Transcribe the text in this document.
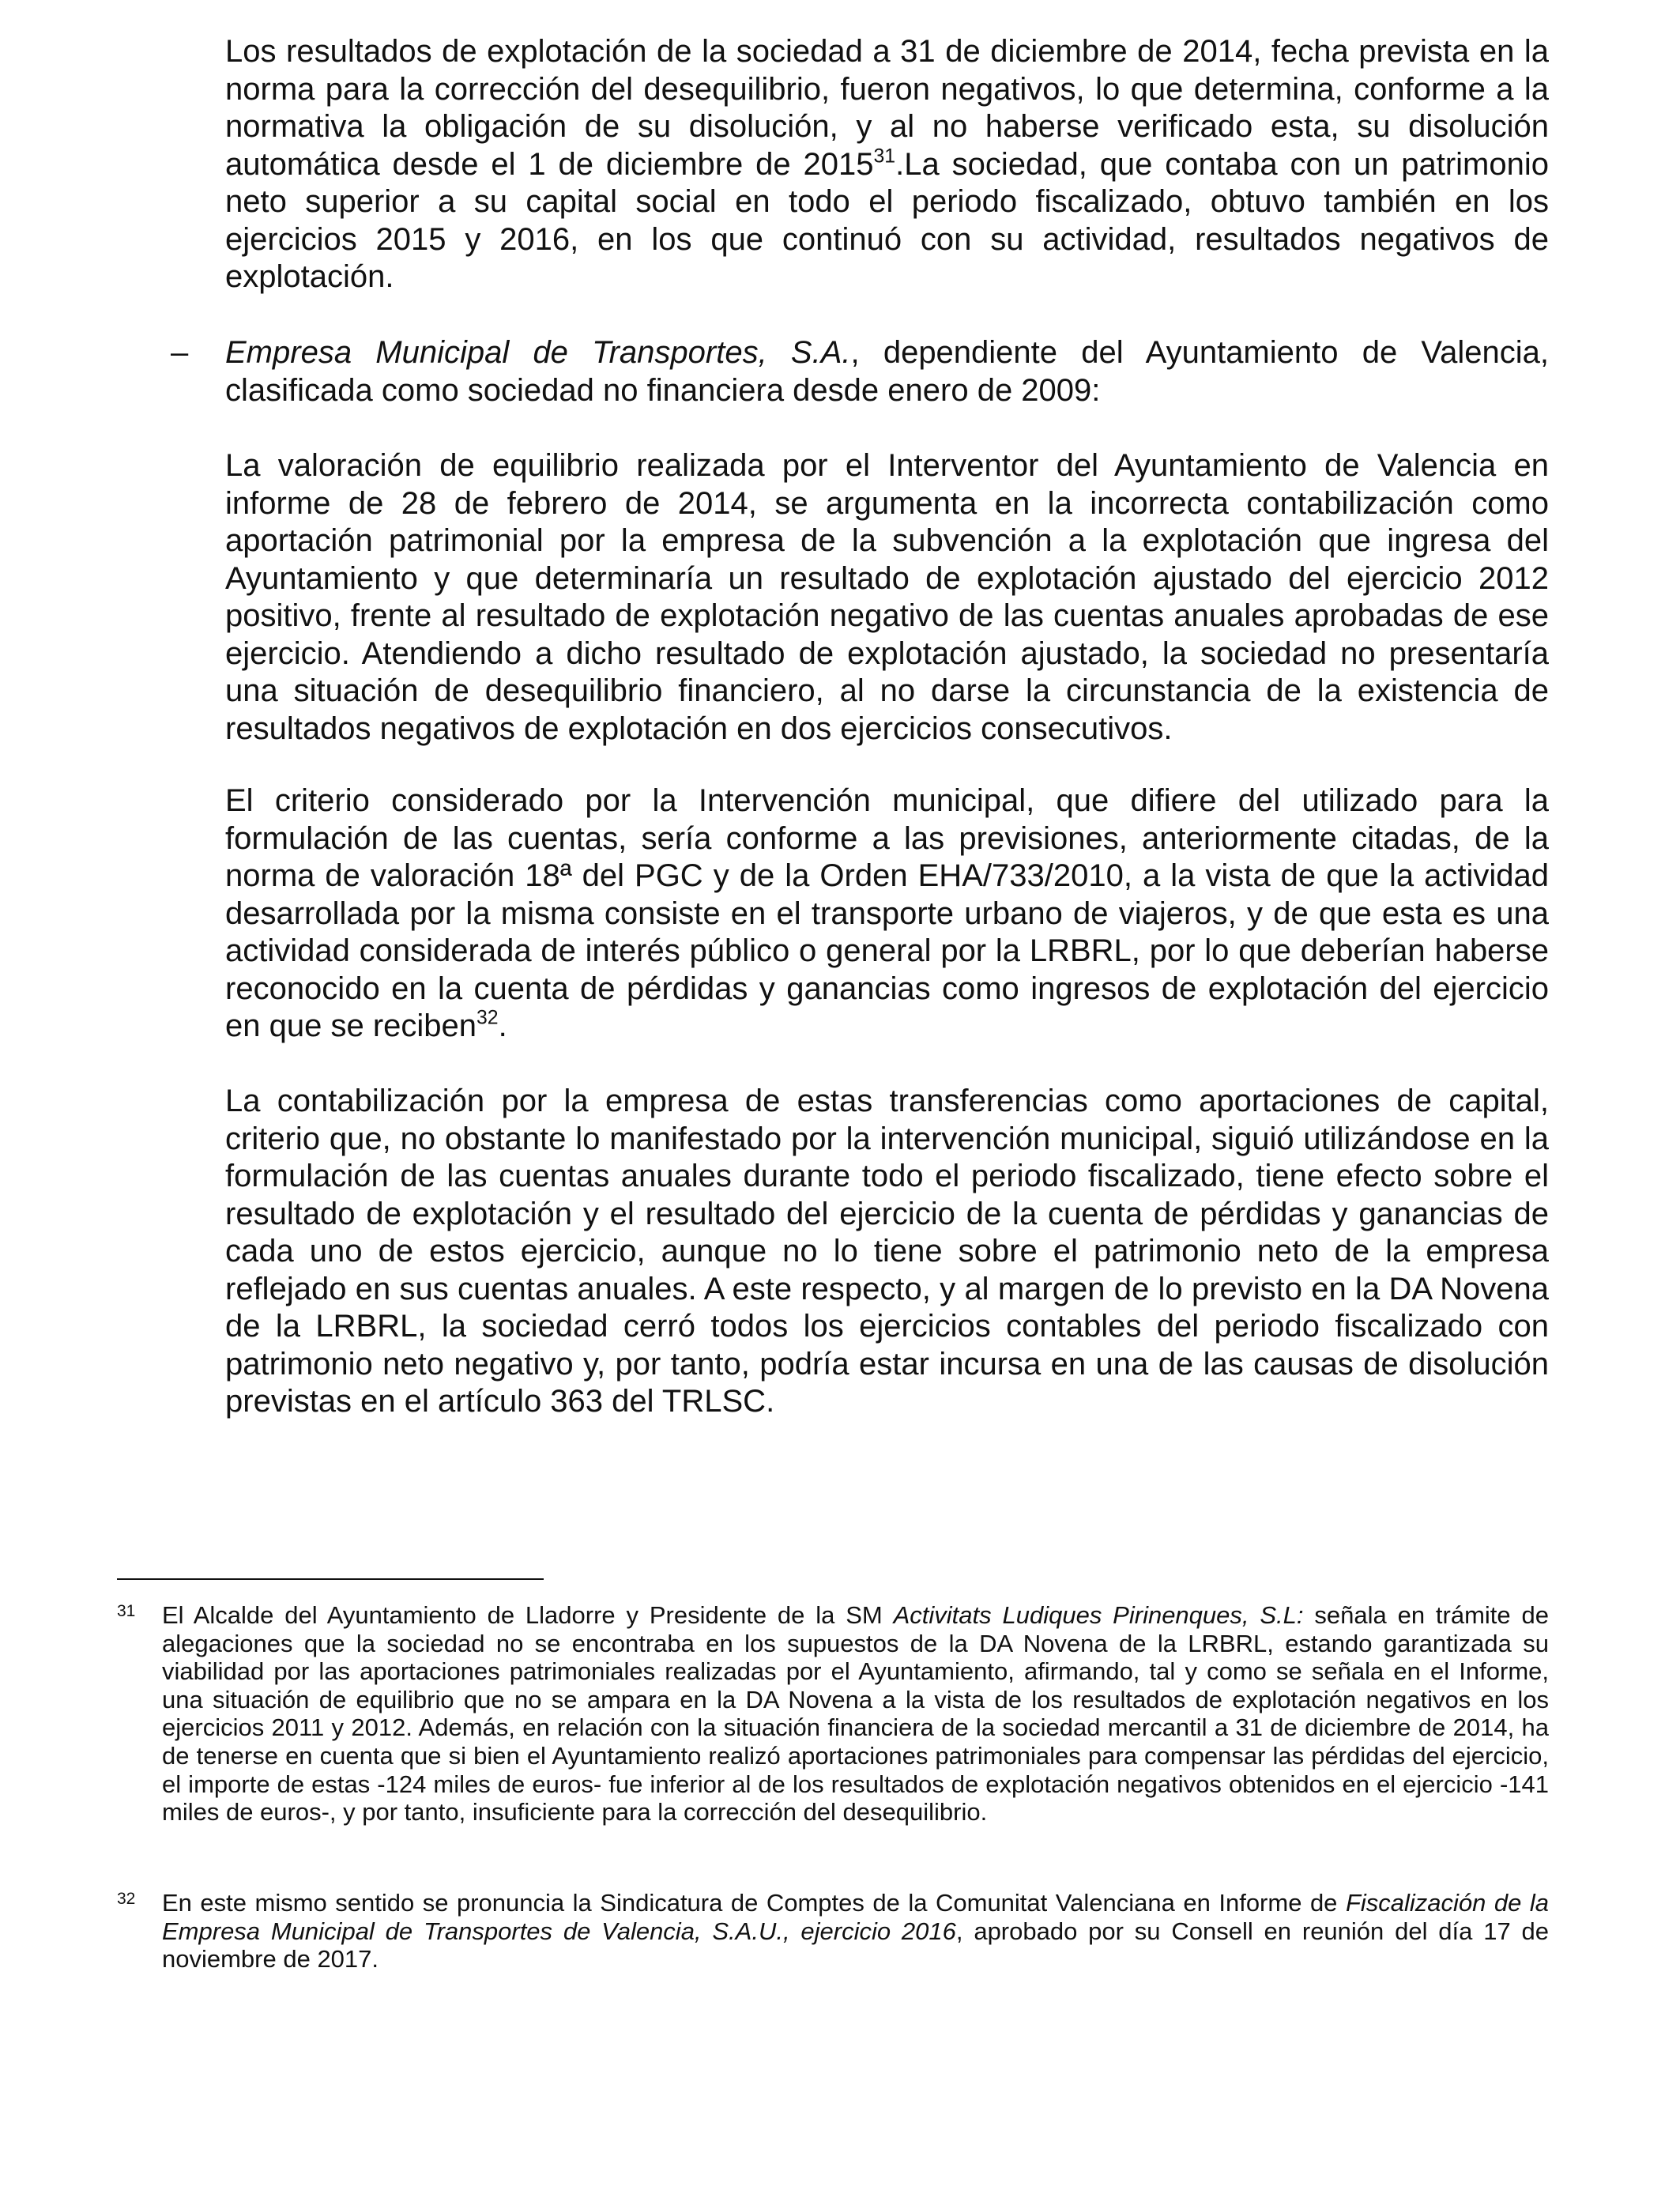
Los resultados de explotación de la sociedad a 31 de diciembre de 2014, fecha prevista en la norma para la corrección del desequilibrio, fueron negativos, lo que determina, conforme a la normativa la obligación de su disolución, y al no haberse verificado esta, su disolución automática desde el 1 de diciembre de 2015$^{31}$.La sociedad, que contaba con un patrimonio neto superior a su capital social en todo el periodo fiscalizado, obtuvo también en los ejercicios 2015 y 2016, en los que continuó con su actividad, resultados negativos de explotación.

– Empresa Municipal de Transportes, S.A., dependiente del Ayuntamiento de Valencia, clasificada como sociedad no financiera desde enero de 2009:

La valoración de equilibrio realizada por el Interventor del Ayuntamiento de Valencia en informe de 28 de febrero de 2014, se argumenta en la incorrecta contabilización como aportación patrimonial por la empresa de la subvención a la explotación que ingresa del Ayuntamiento y que determinaría un resultado de explotación ajustado del ejercicio 2012 positivo, frente al resultado de explotación negativo de las cuentas anuales aprobadas de ese ejercicio. Atendiendo a dicho resultado de explotación ajustado, la sociedad no presentaría una situación de desequilibrio financiero, al no darse la circunstancia de la existencia de resultados negativos de explotación en dos ejercicios consecutivos.

El criterio considerado por la Intervención municipal, que difiere del utilizado para la formulación de las cuentas, sería conforme a las previsiones, anteriormente citadas, de la norma de valoración 18ª del PGC y de la Orden EHA/733/2010, a la vista de que la actividad desarrollada por la misma consiste en el transporte urbano de viajeros, y de que esta es una actividad considerada de interés público o general por la LRBRL, por lo que deberían haberse reconocido en la cuenta de pérdidas y ganancias como ingresos de explotación del ejercicio en que se reciben$^{32}$.

La contabilización por la empresa de estas transferencias como aportaciones de capital, criterio que, no obstante lo manifestado por la intervención municipal, siguió utilizándose en la formulación de las cuentas anuales durante todo el periodo fiscalizado, tiene efecto sobre el resultado de explotación y el resultado del ejercicio de la cuenta de pérdidas y ganancias de cada uno de estos ejercicio, aunque no lo tiene sobre el patrimonio neto de la empresa reflejado en sus cuentas anuales. A este respecto, y al margen de lo previsto en la DA Novena de la LRBRL, la sociedad cerró todos los ejercicios contables del periodo fiscalizado con patrimonio neto negativo y, por tanto, podría estar incursa en una de las causas de disolución previstas en el artículo 363 del TRLSC.

31 El Alcalde del Ayuntamiento de Lladorre y Presidente de la SM Activitats Ludiques Pirinenques, S.L: señala en trámite de alegaciones que la sociedad no se encontraba en los supuestos de la DA Novena de la LRBRL, estando garantizada su viabilidad por las aportaciones patrimoniales realizadas por el Ayuntamiento, afirmando, tal y como se señala en el Informe, una situación de equilibrio que no se ampara en la DA Novena a la vista de los resultados de explotación negativos en los ejercicios 2011 y 2012. Además, en relación con la situación financiera de la sociedad mercantil a 31 de diciembre de 2014, ha de tenerse en cuenta que si bien el Ayuntamiento realizó aportaciones patrimoniales para compensar las pérdidas del ejercicio, el importe de estas -124 miles de euros- fue inferior al de los resultados de explotación negativos obtenidos en el ejercicio -141 miles de euros-, y por tanto, insuficiente para la corrección del desequilibrio.

32 En este mismo sentido se pronuncia la Sindicatura de Comptes de la Comunitat Valenciana en Informe de Fiscalización de la Empresa Municipal de Transportes de Valencia, S.A.U., ejercicio 2016, aprobado por su Consell en reunión del día 17 de noviembre de 2017.
